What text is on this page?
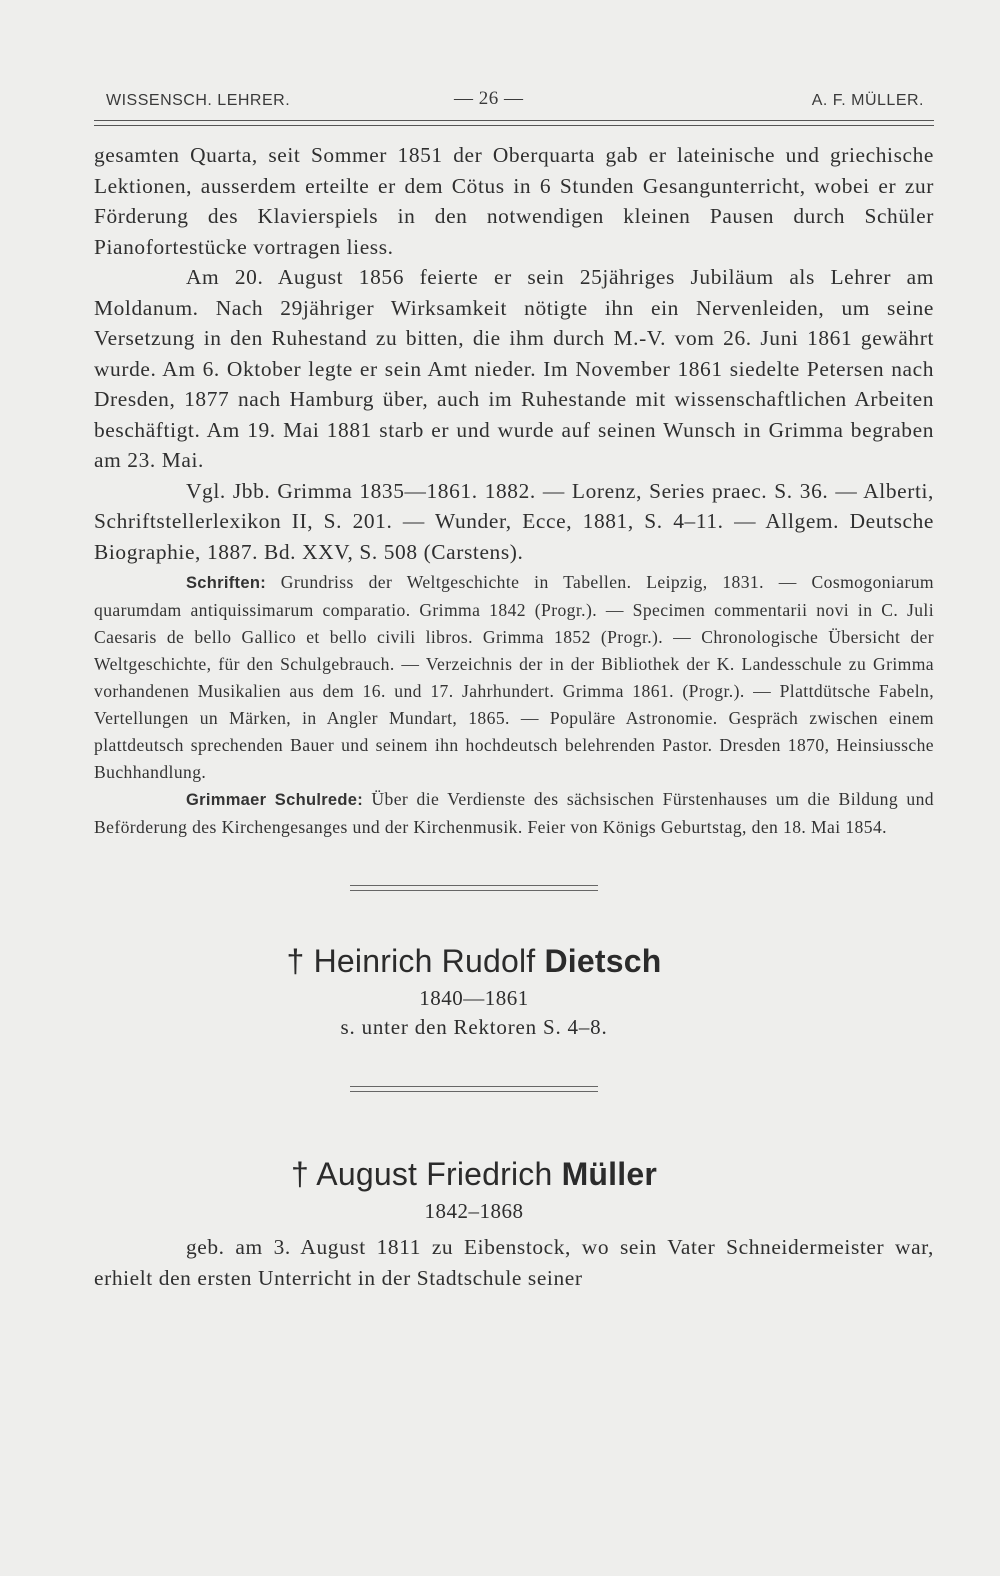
WISSENSCH. LEHRER.	— 26 —	A. F. MÜLLER.

gesamten Quarta, seit Sommer 1851 der Oberquarta gab er lateinische und griechische Lektionen, ausserdem erteilte er dem Cötus in 6 Stunden Gesangunterricht, wobei er zur Förderung des Klavierspiels in den notwendigen kleinen Pausen durch Schüler Pianofortestücke vortragen liess.

Am 20. August 1856 feierte er sein 25jähriges Jubiläum als Lehrer am Moldanum. Nach 29jähriger Wirksamkeit nötigte ihn ein Nervenleiden, um seine Versetzung in den Ruhestand zu bitten, die ihm durch M.-V. vom 26. Juni 1861 gewährt wurde. Am 6. Oktober legte er sein Amt nieder. Im November 1861 siedelte Petersen nach Dresden, 1877 nach Hamburg über, auch im Ruhestande mit wissenschaftlichen Arbeiten beschäftigt. Am 19. Mai 1881 starb er und wurde auf seinen Wunsch in Grimma begraben am 23. Mai.

Vgl. Jbb. Grimma 1835—1861. 1882. — Lorenz, Series praec. S. 36. — Alberti, Schriftstellerlexikon II, S. 201. — Wunder, Ecce, 1881, S. 4–11. — Allgem. Deutsche Biographie, 1887. Bd. XXV, S. 508 (Carstens).

Schriften: Grundriss der Weltgeschichte in Tabellen. Leipzig, 1831. — Cosmogoniarum quarumdam antiquissimarum comparatio. Grimma 1842 (Progr.). — Specimen commentarii novi in C. Juli Caesaris de bello Gallico et bello civili libros. Grimma 1852 (Progr.). — Chronologische Übersicht der Weltgeschichte, für den Schulgebrauch. — Verzeichnis der in der Bibliothek der K. Landesschule zu Grimma vorhandenen Musikalien aus dem 16. und 17. Jahrhundert. Grimma 1861. (Progr.). — Plattdütsche Fabeln, Vertellungen un Märken, in Angler Mundart, 1865. — Populäre Astronomie. Gespräch zwischen einem plattdeutsch sprechenden Bauer und seinem ihn hochdeutsch belehrenden Pastor. Dresden 1870, Heinsiussche Buchhandlung.

Grimmaer Schulrede: Über die Verdienste des sächsischen Fürstenhauses um die Bildung und Beförderung des Kirchengesanges und der Kirchenmusik. Feier von Königs Geburtstag, den 18. Mai 1854.

† Heinrich Rudolf Dietsch
1840—1861
s. unter den Rektoren S. 4–8.
† August Friedrich Müller
1842–1868

geb. am 3. August 1811 zu Eibenstock, wo sein Vater Schneidermeister war, erhielt den ersten Unterricht in der Stadtschule seiner
